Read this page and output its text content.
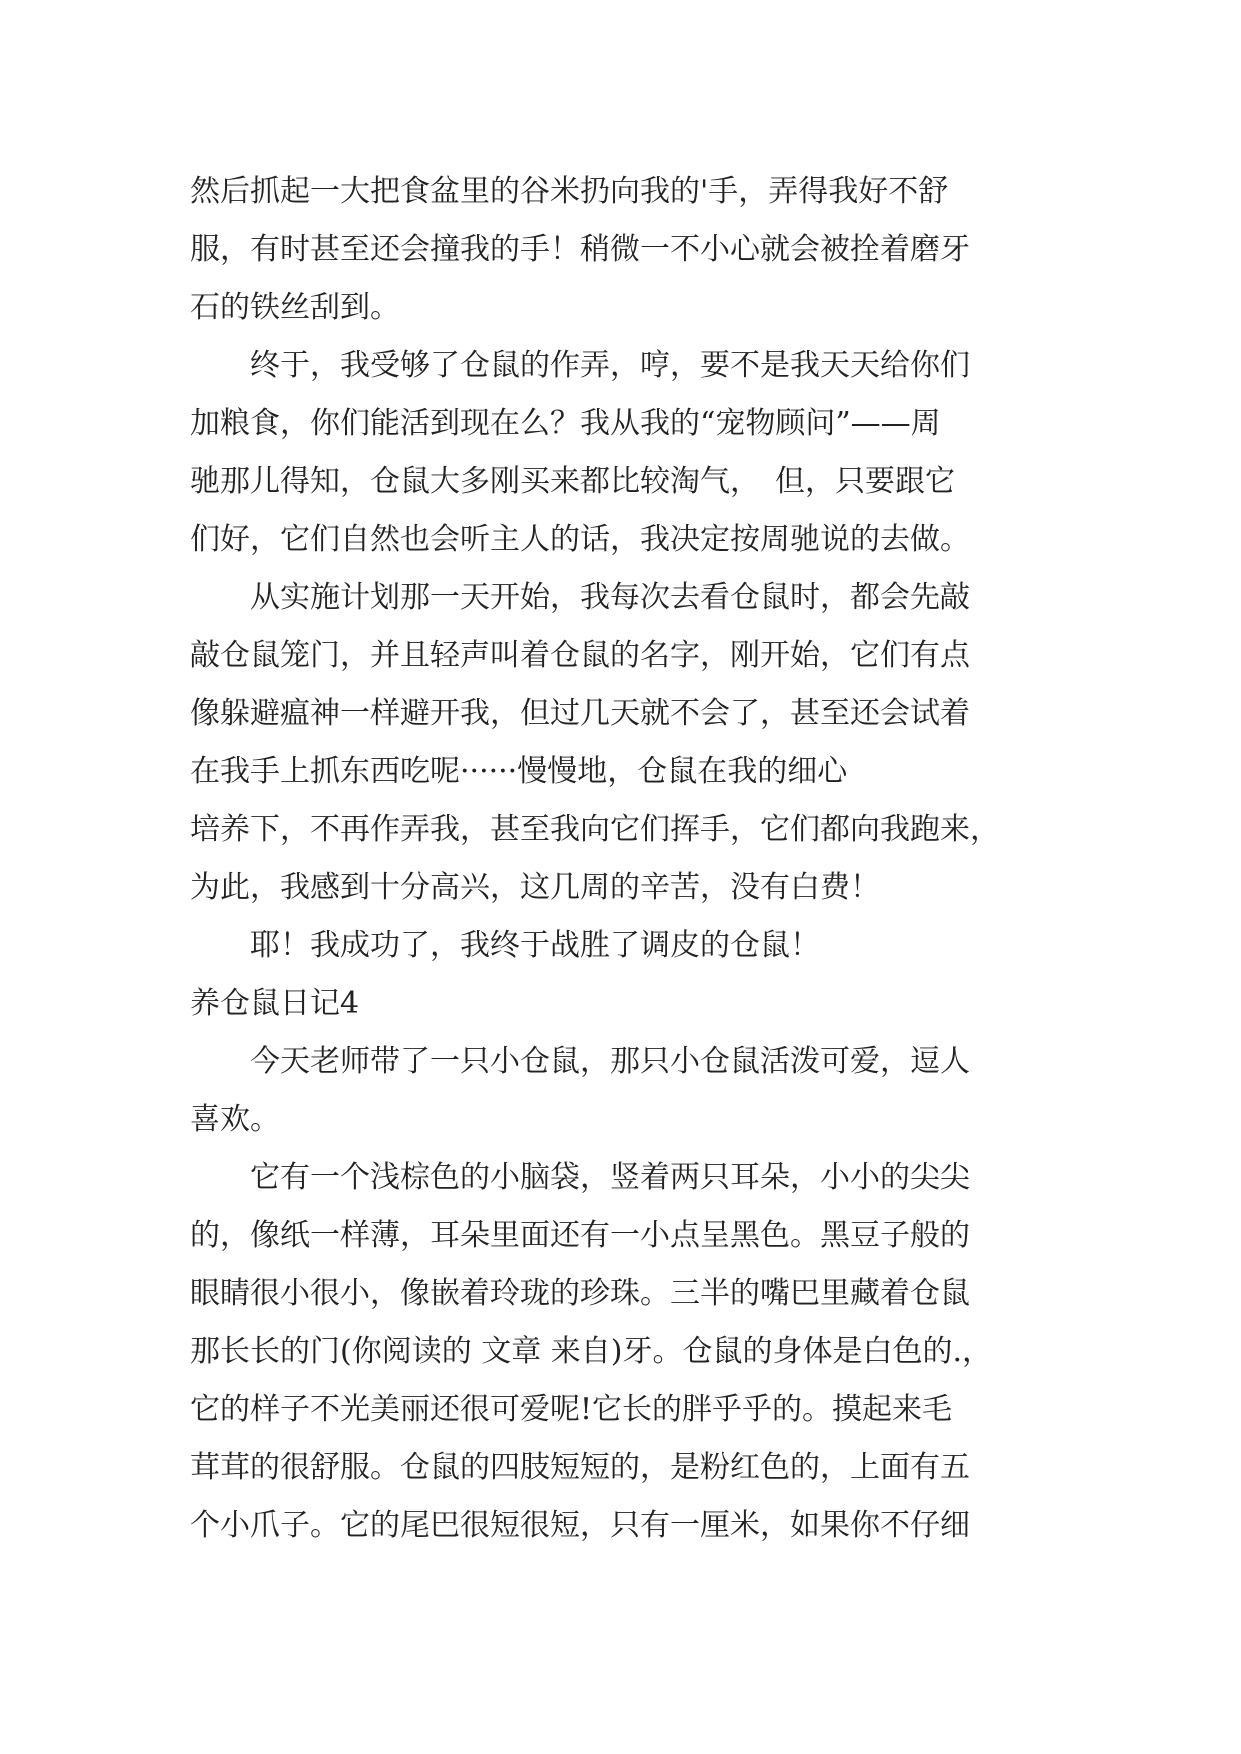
然后抓起一大把食盆里的谷米扔向我的'手，弄得我好不舒
服，有时甚至还会撞我的手！稍微一不小心就会被拴着磨牙
石的铁丝刮到。
　　终于，我受够了仓鼠的作弄，哼，要不是我天天给你们
加粮食，你们能活到现在么？我从我的“宠物顾问”——周
驰那儿得知，仓鼠大多刚买来都比较淘气，　但，只要跟它
们好，它们自然也会听主人的话，我决定按周驰说的去做。
　　从实施计划那一天开始，我每次去看仓鼠时，都会先敲
敲仓鼠笼门，并且轻声叫着仓鼠的名字，刚开始，它们有点
像躲避瘟神一样避开我，但过几天就不会了，甚至还会试着
在我手上抓东西吃呢······慢慢地，仓鼠在我的细心
培养下，不再作弄我，甚至我向它们挥手，它们都向我跑来，
为此，我感到十分高兴，这几周的辛苦，没有白费！
　　耶！我成功了，我终于战胜了调皮的仓鼠！
养仓鼠日记4
　　今天老师带了一只小仓鼠，那只小仓鼠活泼可爱，逗人
喜欢。
　　它有一个浅棕色的小脑袋，竖着两只耳朵，小小的尖尖
的，像纸一样薄，耳朵里面还有一小点呈黑色。黑豆子般的
眼睛很小很小，像嵌着玲珑的珍珠。三半的嘴巴里藏着仓鼠
那长长的门(你阅读的 文章 来自)牙。仓鼠的身体是白色的.，
它的样子不光美丽还很可爱呢!它长的胖乎乎的。摸起来毛
茸茸的很舒服。仓鼠的四肢短短的，是粉红色的，上面有五
个小爪子。它的尾巴很短很短，只有一厘米，如果你不仔细
